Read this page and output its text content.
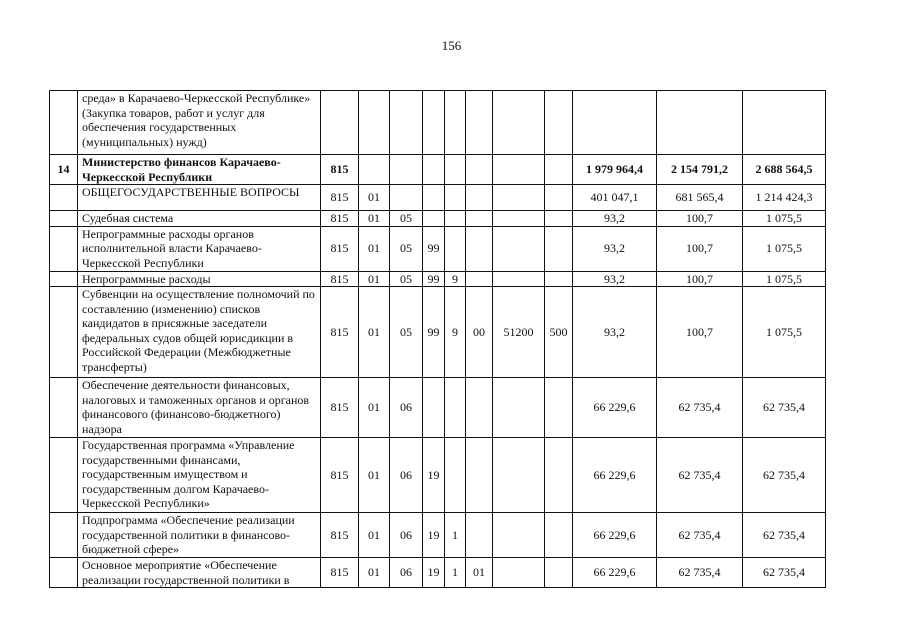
156
	среда» в Карачаево-Черкесской Республике» (Закупка товаров, работ и услуг для обеспечения государственных (муниципальных) нужд)											
14	Министерство финансов Карачаево-Черкесской Республики	815								1 979 964,4	2 154 791,2	2 688 564,5
	ОБЩЕГОСУДАРСТВЕННЫЕ ВОПРОСЫ	815	01							401 047,1	681 565,4	1 214 424,3
	Судебная система	815	01	05						93,2	100,7	1 075,5
	Непрограммные расходы органов исполнительной власти Карачаево-Черкесской Республики	815	01	05	99					93,2	100,7	1 075,5
	Непрограммные расходы	815	01	05	99	9				93,2	100,7	1 075,5
	Субвенции на осуществление полномочий по составлению (изменению) списков кандидатов в присяжные заседатели федеральных судов общей юрисдикции в Российской Федерации (Межбюджетные трансферты)	815	01	05	99	9	00	51200	500	93,2	100,7	1 075,5
	Обеспечение деятельности финансовых, налоговых и таможенных органов и органов финансового (финансово-бюджетного) надзора	815	01	06						66 229,6	62 735,4	62 735,4
	Государственная программа «Управление государственными финансами, государственным имуществом и государственным долгом Карачаево-Черкесской Республики»	815	01	06	19					66 229,6	62 735,4	62 735,4
	Подпрограмма «Обеспечение реализации государственной политики в финансово-бюджетной сфере»	815	01	06	19	1				66 229,6	62 735,4	62 735,4
	Основное мероприятие «Обеспечение реализации государственной политики в	815	01	06	19	1	01			66 229,6	62 735,4	62 735,4
